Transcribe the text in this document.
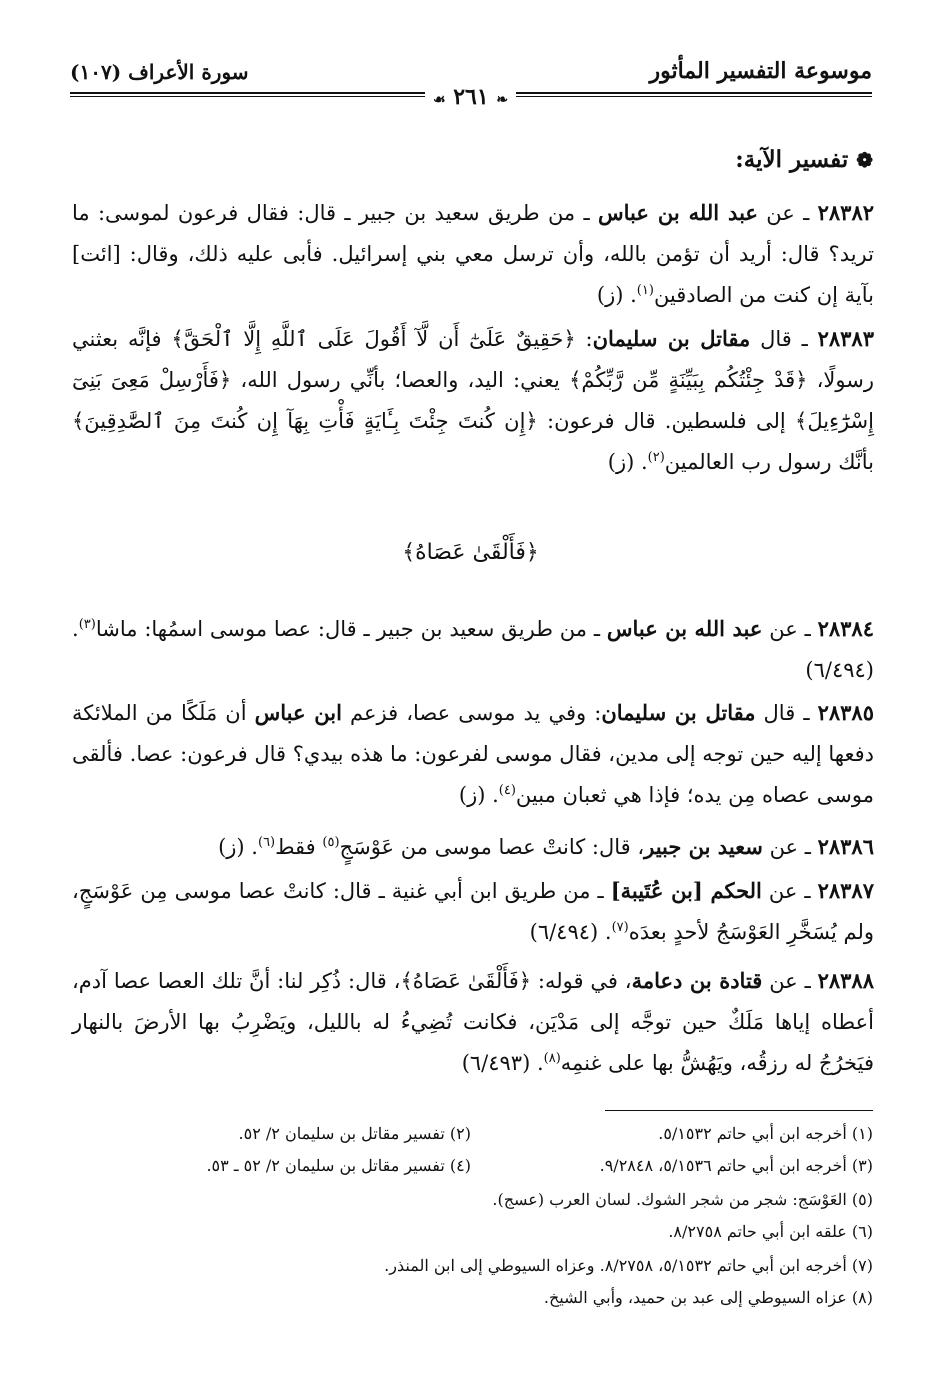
موسوعة التفسير المأثور
سورة الأعراف (١٠٧)
❧ ٢٦١ ☙
❁تفسير الآية:
٢٨٣٨٢ ـ عن عبد الله بن عباس ـ من طريق سعيد بن جبير ـ قال: فقال فرعون لموسى: ما تريد؟ قال: أريد أن تؤمن بالله، وأن ترسل معي بني إسرائيل. فأبى عليه ذلك، وقال: [ائت] بآية إن كنت من الصادقين$^{(١)}$. (ز)
٢٨٣٨٣ ـ قال مقاتل بن سليمان: ﴿حَقِيقٌ عَلَىٰٓ أَن لَّآ أَقُولَ عَلَى ٱللَّهِ إِلَّا ٱلْحَقَّ﴾ فإنَّه بعثني رسولًا، ﴿قَدْ جِئْتُكُم بِبَيِّنَةٍ مِّن رَّبِّكُمْ﴾ يعني: اليد، والعصا؛ بأنِّي رسول الله، ﴿فَأَرْسِلْ مَعِىَ بَنِىٓ إِسْرَٰٓءِيلَ﴾ إلى فلسطين. قال فرعون: ﴿إِن كُنتَ جِئْتَ بِـَٔايَةٍ فَأْتِ بِهَآ إِن كُنتَ مِنَ ٱلصَّٰدِقِينَ﴾ بأنَّك رسول رب العالمين$^{(٢)}$. (ز)
﴿فَأَلْقَىٰ عَصَاهُ﴾
٢٨٣٨٤ ـ عن عبد الله بن عباس ـ من طريق سعيد بن جبير ـ قال: عصا موسى اسمُها: ماشا$^{(٣)}$. (٦/٤٩٤)
٢٨٣٨٥ ـ قال مقاتل بن سليمان: وفي يد موسى عصا، فزعم ابن عباس أن مَلَكًا من الملائكة دفعها إليه حين توجه إلى مدين، فقال موسى لفرعون: ما هذه بيدي؟ قال فرعون: عصا. فألقى موسى عصاه مِن يده؛ فإذا هي ثعبان مبين$^{(٤)}$. (ز)
٢٨٣٨٦ ـ عن سعيد بن جبير، قال: كانتْ عصا موسى من عَوْسَجٍ$^{(٥)}$ فقط$^{(٦)}$. (ز)
٢٨٣٨٧ ـ عن الحكم [بن عُتَيبة] ـ من طريق ابن أبي غنية ـ قال: كانتْ عصا موسى مِن عَوْسَجٍ، ولم يُسَخَّرِ العَوْسَجُ لأحدٍ بعدَه$^{(٧)}$. (٦/٤٩٤)
٢٨٣٨٨ ـ عن قتادة بن دعامة، في قوله: ﴿فَأَلْقَىٰ عَصَاهُ﴾، قال: ذُكِر لنا: أنَّ تلك العصا عصا آدم، أعطاه إياها مَلَكٌ حين توجَّه إلى مَدْيَن، فكانت تُضِيءُ له بالليل، ويَضْرِبُ بها الأرضَ بالنهار فيَخرُجُ له رزقُه، ويَهُشُّ بها على غنمِه$^{(٨)}$. (٦/٤٩٣)
(١) أخرجه ابن أبي حاتم ٥/١٥٣٢.
(٢) تفسير مقاتل بن سليمان ٢/ ٥٢.
(٣) أخرجه ابن أبي حاتم ٥/١٥٣٦، ٩/٢٨٤٨.
(٤) تفسير مقاتل بن سليمان ٢/ ٥٢ ـ ٥٣.
(٥) العَوْسَج: شجر من شجر الشوك. لسان العرب (عسج).
(٦) علقه ابن أبي حاتم ٨/٢٧٥٨.
(٧) أخرجه ابن أبي حاتم ٥/١٥٣٢، ٨/٢٧٥٨. وعزاه السيوطي إلى ابن المنذر.
(٨) عزاه السيوطي إلى عبد بن حميد، وأبي الشيخ.
